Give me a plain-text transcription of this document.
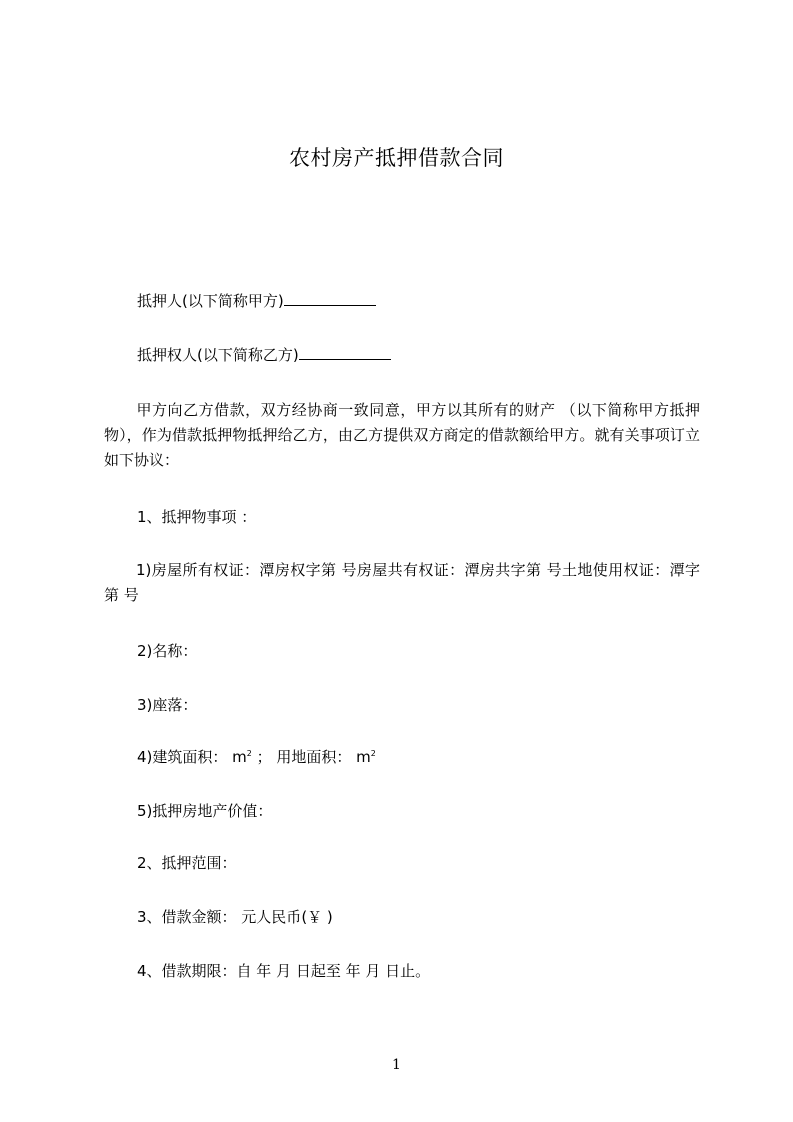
农村房产抵押借款合同
抵押人(以下简称甲方)
抵押权人(以下简称乙方)
甲方向乙方借款，双方经协商一致同意，甲方以其所有的财产 （以下简称甲方抵押物），作为借款抵押物抵押给乙方，由乙方提供双方商定的借款额给甲方。就有关事项订立如下协议：
1、抵押物事项 ：
1)房屋所有权证：潭房权字第 号房屋共有权证：潭房共字第 号土地使用权证：潭字第 号
2)名称：
3)座落：
4)建筑面积： $m^2$ ； 用地面积： $m^2$
5)抵押房地产价值：
2、抵押范围：
3、借款金额： 元人民币(￥ )
4、借款期限：自 年 月 日起至 年 月 日止。
1
